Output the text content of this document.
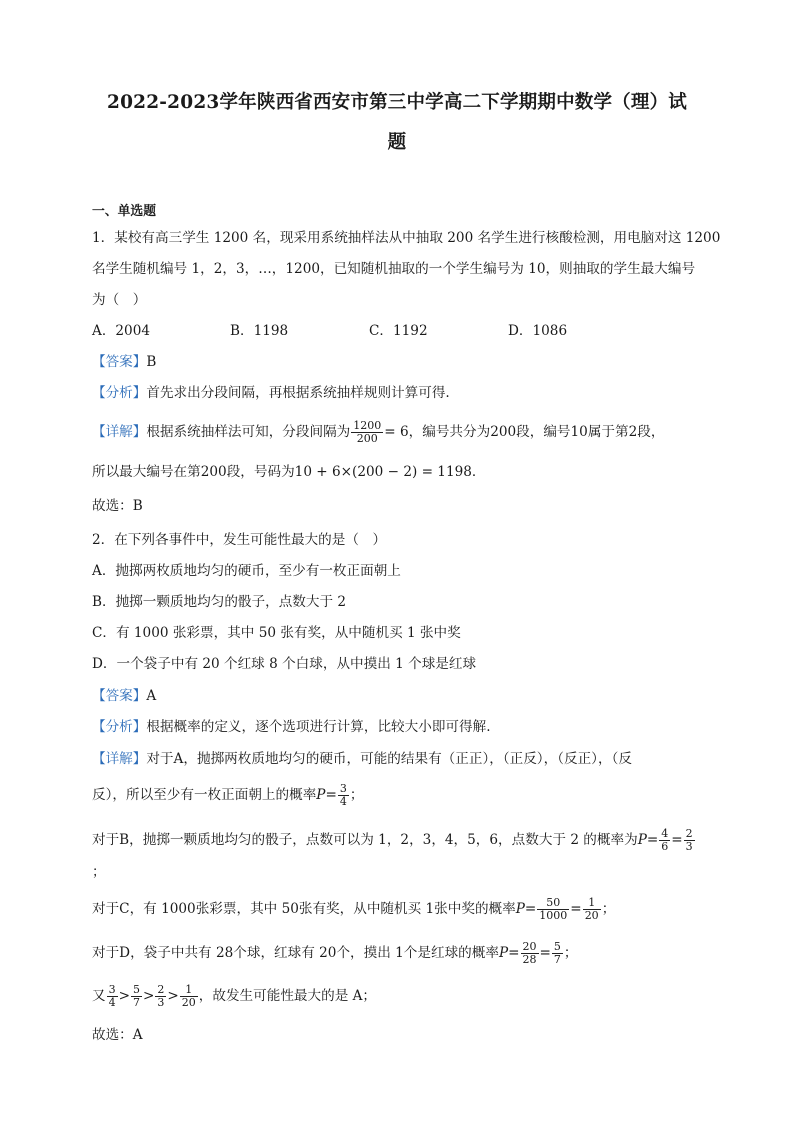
2022-2023学年陕西省西安市第三中学高二下学期期中数学（理）试
题
一、单选题
1．某校有高三学生 1200 名，现采用系统抽样法从中抽取 200 名学生进行核酸检测，用电脑对这 1200
名学生随机编号 1，2，3，…，1200，已知随机抽取的一个学生编号为 10，则抽取的学生最大编号
为（　）
A．2004	B．1198	C．1192	D．1086
【答案】B
【分析】首先求出分段间隔，再根据系统抽样规则计算可得.
【详解】根据系统抽样法可知，分段间隔为 $\frac{1200}{200} = 6$，编号共分为200段，编号10属于第2段，
所以最大编号在第200段，号码为10 + 6×(200 − 2) = 1198．
故选：B
2．在下列各事件中，发生可能性最大的是（　）
A．抛掷两枚质地均匀的硬币，至少有一枚正面朝上
B．抛掷一颗质地均匀的骰子，点数大于 2
C．有 1000 张彩票，其中 50 张有奖，从中随机买 1 张中奖
D．一个袋子中有 20 个红球 8 个白球，从中摸出 1 个球是红球
【答案】A
【分析】根据概率的定义，逐个选项进行计算，比较大小即可得解.
【详解】对于A，抛掷两枚质地均匀的硬币，可能的结果有（正正），（正反），（反正），（反
反），所以至少有一枚正面朝上的概率$P= \frac{3}{4}$ ；
对于B，抛掷一颗质地均匀的骰子，点数可以为 1，2，3，4，5，6，点数大于 2 的概率为$P= \frac{4}{6} = \frac{2}{3}$
；
对于C，有 1000张彩票，其中 50张有奖，从中随机买 1张中奖的概率$P= \frac{50}{1000} = \frac{1}{20}$ ；
对于D，袋子中共有 28个球，红球有 20个，摸出 1个是红球的概率$P= \frac{20}{28} = \frac{5}{7}$ ；
又 $\frac{3}{4} > \frac{5}{7} > \frac{2}{3} > \frac{1}{20}$ ，故发生可能性最大的是 A；
故选：A
